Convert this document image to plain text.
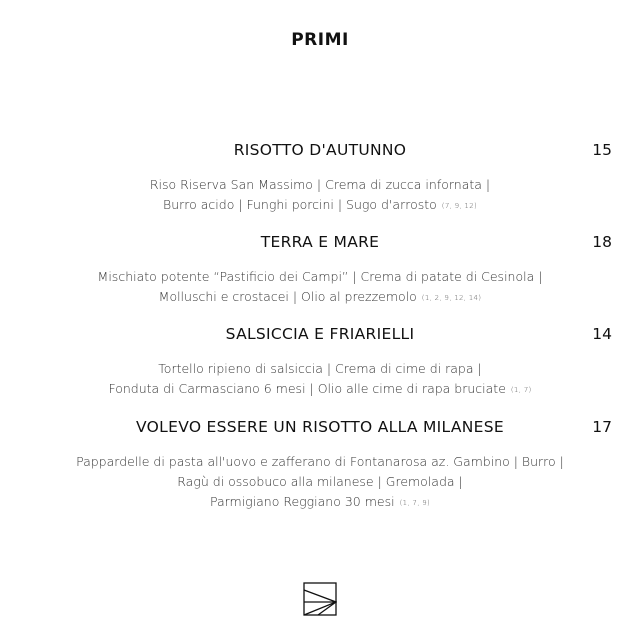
PRIMI
RISOTTO D'AUTUNNO	15
Riso Riserva San Massimo | Crema di zucca infornata |
Burro acido | Funghi porcini | Sugo d'arrosto (7, 9, 12)
TERRA E MARE	18
Mischiato potente “Pastificio dei Campi” | Crema di patate di Cesinola |
Molluschi e crostacei | Olio al prezzemolo (1, 2, 9, 12, 14)
SALSICCIA E FRIARIELLI	14
Tortello ripieno di salsiccia | Crema di cime di rapa |
Fonduta di Carmasciano 6 mesi | Olio alle cime di rapa bruciate (1, 7)
VOLEVO ESSERE UN RISOTTO ALLA MILANESE	17
Pappardelle di pasta all'uovo e zafferano di Fontanarosa az. Gambino | Burro |
Ragù di ossobuco alla milanese | Gremolada |
Parmigiano Reggiano 30 mesi (1, 7, 9)
